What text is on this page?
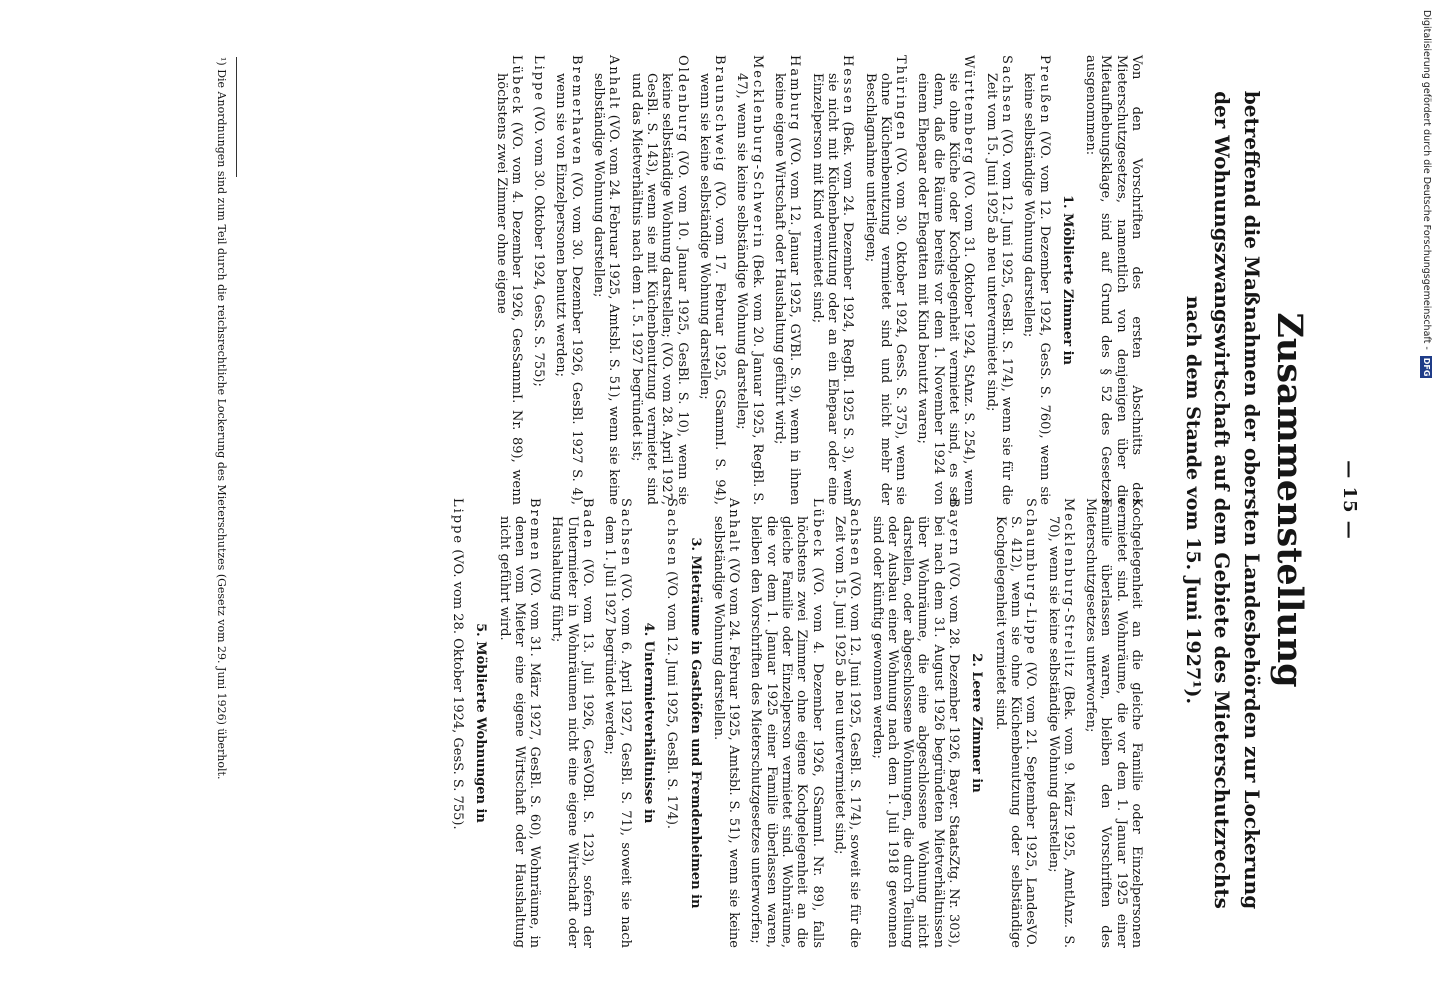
— 15 —
Zusammenstellung
betreffend die Maßnahmen der obersten Landesbehörden zur Lockerung
der Wohnungszwangswirtschaft auf dem Gebiete des Mieterschutzrechts
nach dem Stande vom 15. Juni 1927¹).

Von den Vorschriften des ersten Abschnitts des Mieterschutzgesetzes, namentlich von denjenigen über die Mietaufhebungsklage, sind auf Grund des § 52 des Gesetzes ausgenommen:

1. Möblierte Zimmer in

Preußen (VO. vom 12. Dezember 1924, GesS. S. 760), wenn sie keine selbständige Wohnung darstellen;

Sachsen (VO. vom 12. Juni 1925, GesBl. S. 174), wenn sie für die Zeit vom 15. Juni 1925 ab neu untervermietet sind;

Württemberg (VO. vom 31. Oktober 1924, StAnz. S. 254), wenn sie ohne Küche oder Kochgelegenheit vermietet sind, es sei denn, daß die Räume bereits vor dem 1. November 1924 von einem Ehepaar oder Ehegatten mit Kind benutzt waren;

Thüringen (VO. vom 30. Oktober 1924, GesS. S. 375), wenn sie ohne Küchenbenutzung vermietet sind und nicht mehr der Beschlagnahme unterliegen;

Hessen (Bek. vom 24. Dezember 1924, RegBl. 1925 S. 3), wenn sie nicht mit Küchenbenutzung oder an ein Ehepaar oder eine Einzelperson mit Kind vermietet sind;

Hamburg (VO. vom 12. Januar 1925, GVBl. S. 9), wenn in ihnen keine eigene Wirtschaft oder Haushaltung geführt wird;

Mecklenburg-Schwerin (Bek. vom 20. Januar 1925, RegBl. S. 47), wenn sie keine selbständige Wohnung darstellen;

Braunschweig (VO. vom 17. Februar 1925, GSammI. S. 94), wenn sie keine selbständige Wohnung darstellen;

Oldenburg (VO. vom 10. Januar 1925, GesBl. S. 10), wenn sie keine selbständige Wohnung darstellen; (VO. vom 28. April 1927, GesBl. S. 143), wenn sie mit Küchenbenutzung vermietet sind und das Mietverhältnis nach dem 1. 5. 1927 begründet ist;

Anhalt (VO. vom 24. Februar 1925, Amtsbl. S. 51), wenn sie keine selbständige Wohnung darstellen;

Bremerhaven (VO. vom 30. Dezember 1926, GesBl. 1927 S. 4), wenn sie von Einzelpersonen benutzt werden;

Lippe (VO. vom 30. Oktober 1924, GesS. S. 755);

Lübeck (VO. vom 4. Dezember 1926, GesSammI. Nr. 89), wenn höchstens zwei Zimmer ohne eigene

Kochgelegenheit an die gleiche Familie oder Einzelpersonen vermietet sind. Wohnräume, die vor dem 1. Januar 1925 einer Familie überlassen waren, bleiben den Vorschriften des Mieterschutzgesetzes unterworfen;

Mecklenburg-Strelitz (Bek. vom 9. März 1925, AmtlAnz. S. 70), wenn sie keine selbständige Wohnung darstellen;

Schaumburg-Lippe (VO. vom 21. September 1925, LandesVO. S. 412), wenn sie ohne Küchenbenutzung oder selbständige Kochgelegenheit vermietet sind.

2. Leere Zimmer in

Bayern (VO. vom 28. Dezember 1926, Bayer. StaatsZtg. Nr. 303), bei nach dem 31. August 1926 begründeten Mietverhältnissen über Wohnräume, die eine abgeschlossene Wohnung nicht darstellen, oder abgeschlossene Wohnungen, die durch Teilung oder Ausbau einer Wohnung nach dem 1. Juli 1918 gewonnen sind oder künftig gewonnen werden;

Sachsen (VO. vom 12. Juni 1925, GesBl. S. 174), soweit sie für die Zeit vom 15. Juni 1925 ab neu untervermietet sind;

Lübeck (VO. vom 4. Dezember 1926, GSammI. Nr. 89), falls höchstens zwei Zimmer ohne eigene Kochgelegenheit an die gleiche Familie oder Einzelperson vermietet sind. Wohnräume, die vor dem 1. Januar 1925 einer Familie überlassen waren, bleiben den Vorschriften des Mieterschutzgesetzes unterworfen;

Anhalt (VO vom 24. Februar 1925, Amtsbl. S. 51), wenn sie keine selbständige Wohnung darstellen.

3. Mieträume in Gasthöfen und Fremdenheimen in

Sachsen (VO. vom 12. Juni 1925, GesBl. S. 174).

4. Untermietverhältnisse in

Sachsen (VO. vom 6. April 1927, GesBl. S. 71), soweit sie nach dem 1. Juli 1927 begründet werden;

Baden (VO. vom 13. Juli 1926, GesVOBl. S. 123), sofern der Untermieter in Wohnräumen nicht eine eigene Wirtschaft oder Haushaltung führt;

Bremen (VO. vom 31. März 1927, GesBl. S. 60), Wohnräume, in denen vom Mieter eine eigene Wirtschaft oder Haushaltung nicht geführt wird.

5. Möblierte Wohnungen in

Lippe (VO. vom 28. Oktober 1924, GesS. S. 755).

¹) Die Anordnungen sind zum Teil durch die reichsrechtliche Lockerung des Mieterschutzes (Gesetz vom 29. Juni 1926) überholt.	Digitalisierung gefördert durch die Deutsche Forschungsgemeinschaft - DFG
